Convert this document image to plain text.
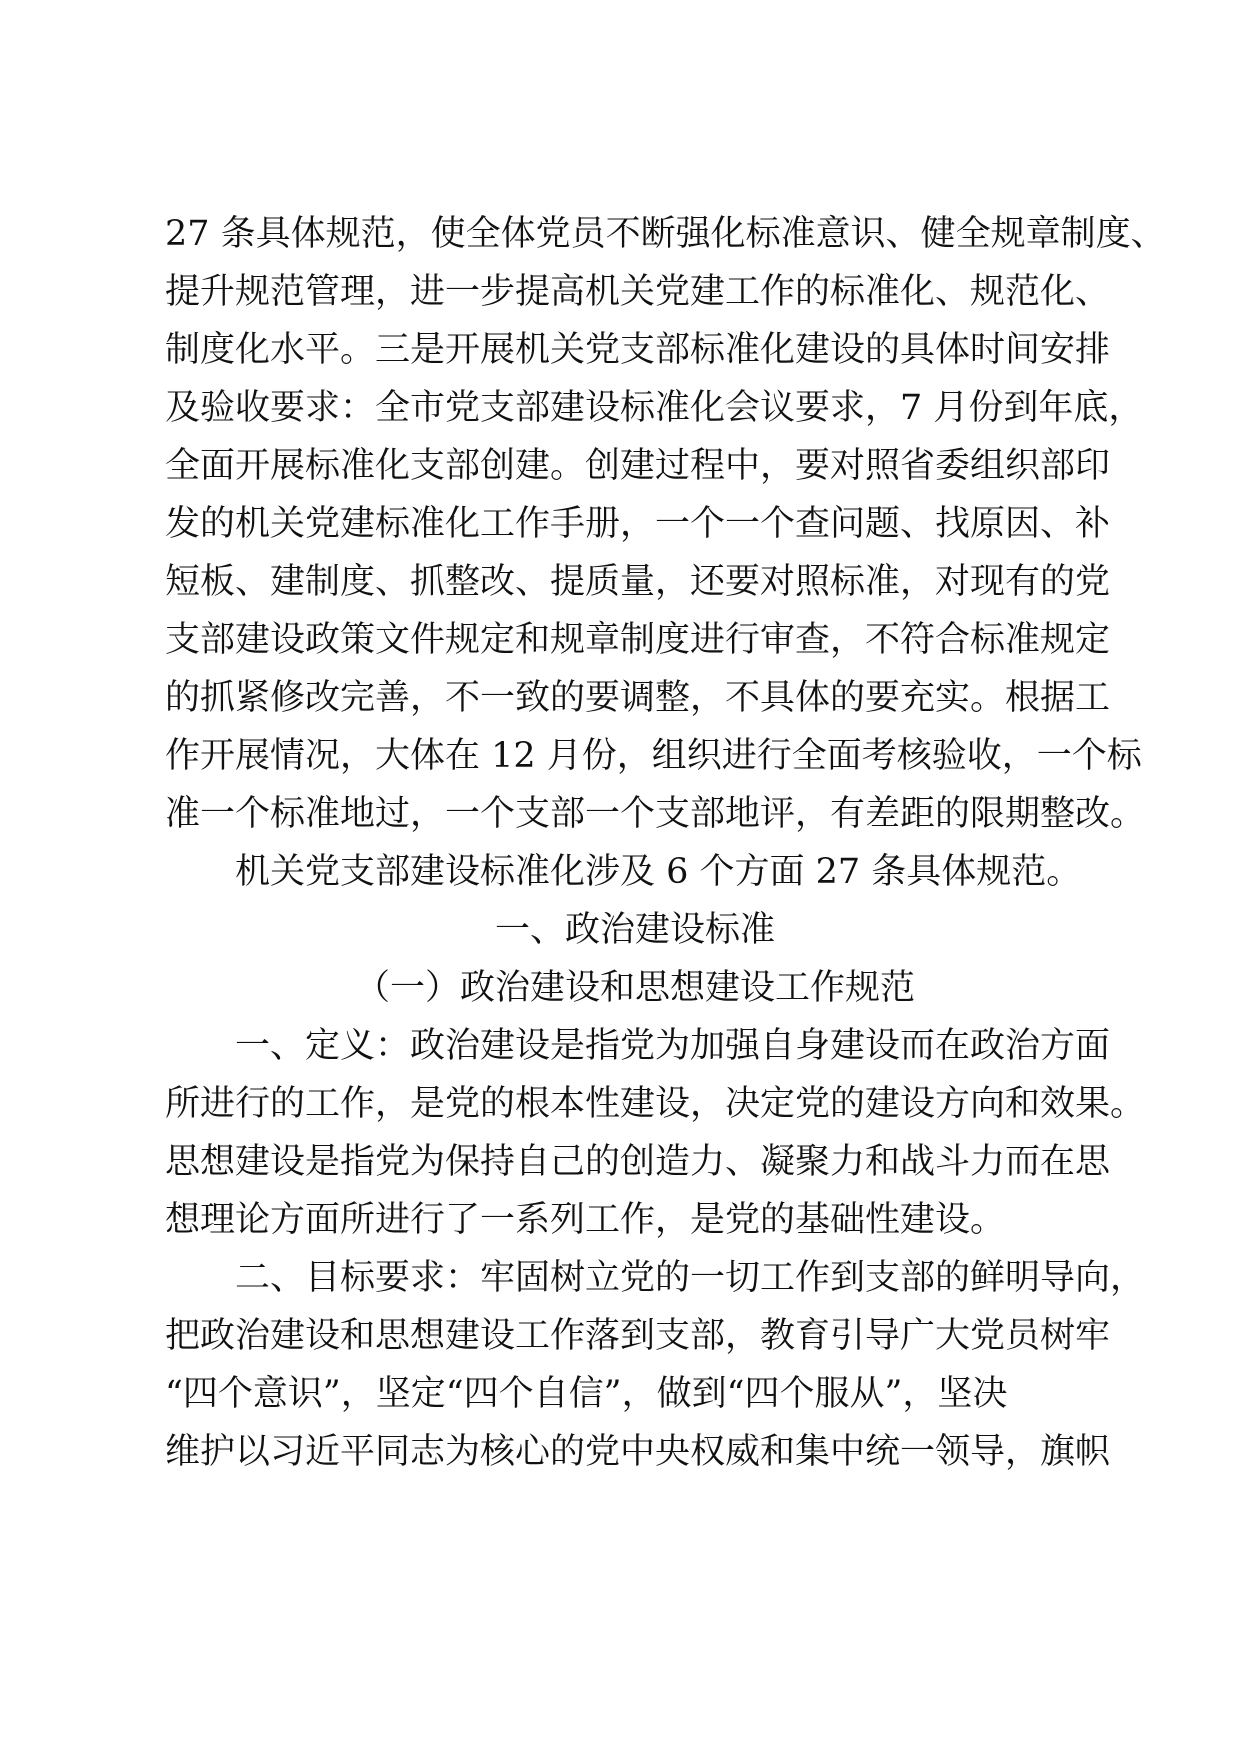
27 条具体规范，使全体党员不断强化标准意识、健全规章制度、
提升规范管理，进一步提高机关党建工作的标准化、规范化、
制度化水平。三是开展机关党支部标准化建设的具体时间安排
及验收要求：全市党支部建设标准化会议要求，7 月份到年底，
全面开展标准化支部创建。创建过程中，要对照省委组织部印
发的机关党建标准化工作手册，一个一个查问题、找原因、补
短板、建制度、抓整改、提质量，还要对照标准，对现有的党
支部建设政策文件规定和规章制度进行审查，不符合标准规定
的抓紧修改完善，不一致的要调整，不具体的要充实。根据工
作开展情况，大体在 12 月份，组织进行全面考核验收，一个标
准一个标准地过，一个支部一个支部地评，有差距的限期整改。
机关党支部建设标准化涉及 6 个方面 27 条具体规范。
一、政治建设标准
（一）政治建设和思想建设工作规范
一、定义：政治建设是指党为加强自身建设而在政治方面
所进行的工作，是党的根本性建设，决定党的建设方向和效果。
思想建设是指党为保持自己的创造力、凝聚力和战斗力而在思
想理论方面所进行了一系列工作，是党的基础性建设。
二、目标要求：牢固树立党的一切工作到支部的鲜明导向，
把政治建设和思想建设工作落到支部，教育引导广大党员树牢
“四个意识”，坚定“四个自信”，做到“四个服从”，坚决
维护以习近平同志为核心的党中央权威和集中统一领导，旗帜
